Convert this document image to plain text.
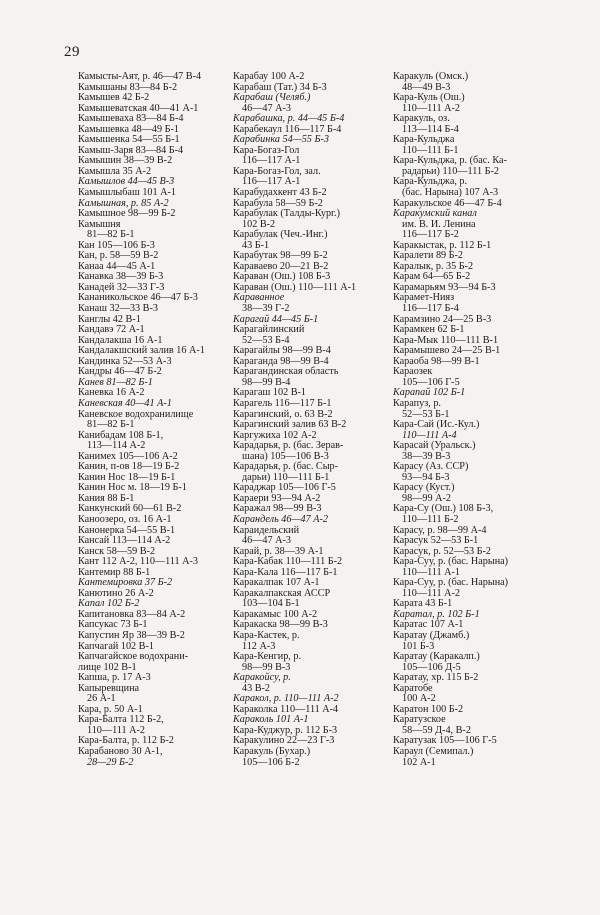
29
Камысты-Аят, р. 46—47 В-4
Камышаны 83—84 Б-2
Камышев 42 Б-2
Камышеватская 40—41 А-1
Камышеваха 83—84 Б-4
Камышевка 48—49 Б-1
Камышенка 54—55 Б-1
Камыш-Заря 83—84 Б-4
Камышин 38—39 В-2
Камышла 35 А-2
Камышлов 44—45 В-3
Камышлыбаш 101 А-1
Камышная, р. 85 А-2
Камышное 98—99 Б-2
Камышня
81—82 Б-1
Кан 105—106 Б-3
Кан, р. 58—59 В-2
Канаа 44—45 А-1
Канавка 38—39 Б-3
Канадей 32—33 Г-3
Кананикольское 46—47 Б-3
Канаш 32—33 В-3
Канглы 42 В-1
Кандавэ 72 А-1
Кандалакша 16 А-1
Кандалакшский залив 16 А-1
Кандинка 52—53 А-3
Кандры 46—47 Б-2
Канев 81—82 Б-1
Каневка 16 А-2
Каневская 40—41 А-1
Каневское водохранилище
81—82 Б-1
Канибадам 108 Б-1,
113—114 А-2
Канимех 105—106 А-2
Канин, п-ов 18—19 Б-2
Канин Нос 18—19 Б-1
Канин Нос м. 18—19 Б-1
Кания 88 Б-1
Канкунский 60—61 В-2
Каноозеро, оз. 16 А-1
Канонерка 54—55 В-1
Кансай 113—114 А-2
Канск 58—59 В-2
Кант 112 А-2, 110—111 А-3
Кантемир 88 Б-1
Кантемировка 37 Б-2
Канютино 26 А-2
Капал 102 Б-2
Капитановка 83—84 А-2
Капсукас 73 Б-1
Капустин Яр 38—39 В-2
Капчагай 102 В-1
Капчагайское водохрани-
лище 102 В-1
Капша, р. 17 А-3
Капыревщина
26 А-1
Кара, р. 50 А-1
Кара-Балта 112 Б-2,
110—111 А-2
Кара-Балта, р. 112 Б-2
Карабаново 30 А-1,
28—29 Б-2
Карабау 100 А-2
Карабаш (Тат.) 34 Б-3
Карабаш (Челяб.)
46—47 А-3
Карабашка, р. 44—45 Б-4
Карабекаул 116—117 Б-4
Карабинка 54—55 Б-3
Кара-Богаз-Гол
116—117 А-1
Кара-Богаз-Гол, зал.
116—117 А-1
Карабудахкент 43 Б-2
Карабула 58—59 Б-2
Карабулак (Талды-Кург.)
102 В-2
Карабулак (Чеч.-Инг.)
43 Б-1
Карабутак 98—99 Б-2
Караваево 20—21 В-2
Караван (Ош.) 108 Б-3
Караван (Ош.) 110—111 А-1
Караванное
38—39 Г-2
Карагай 44—45 Б-1
Карагайлинский
52—53 Б-4
Карагайлы 98—99 В-4
Караганда 98—99 В-4
Карагандинская область
98—99 В-4
Карагаш 102 В-1
Карагель 116—117 Б-1
Карагинский, о. 63 В-2
Карагинский залив 63 В-2
Каргужиха 102 А-2
Карадарья, р. (бас. Зерав-
шана) 105—106 В-3
Карадарья, р. (бас. Сыр-
дарьи) 110—111 Б-1
Караджар 105—106 Г-5
Караери 93—94 А-2
Каражал 98—99 В-3
Карандель 46—47 А-2
Караидельский
46—47 А-3
Карай, р. 38—39 А-1
Кара-Кабак 110—111 Б-2
Кара-Кала 116—117 Б-1
Каракалпак 107 А-1
Каракалпакская АССР
103—104 Б-1
Каракамыс 100 А-2
Каракаска 98—99 В-3
Кара-Кастек, р.
112 А-3
Кара-Кенгир, р.
98—99 В-3
Каракойсу, р.
43 В-2
Каракол, р. 110—111 А-2
Караколка 110—111 А-4
Караколь 101 А-1
Кара-Куджур, р. 112 Б-3
Каракулино 22—23 Г-3
Каракуль (Бухар.)
105—106 Б-2
Каракуль (Омск.)
48—49 В-3
Кара-Куль (Ош.)
110—111 А-2
Каракуль, оз.
113—114 Б-4
Кара-Кульджа
110—111 Б-1
Кара-Кульджа, р. (бас. Ка-
радарьи) 110—111 Б-2
Кара-Кульджа, р.
(бас. Нарына) 107 А-3
Каракульское 46—47 Б-4
Каракумский канал
им. В. И. Ленина
116—117 Б-2
Каракыстак, р. 112 Б-1
Каралети 89 Б-2
Каралык, р. 35 Б-2
Карам 64—65 Б-2
Карамарьям 93—94 Б-3
Карамет-Нияз
116—117 Б-4
Карамзино 24—25 В-3
Карамкен 62 Б-1
Кара-Мык 110—111 В-1
Карамышево 24—25 В-1
Карaоба 98—99 В-1
Караозек
105—106 Г-5
Карапай 102 Б-1
Карапуз, р.
52—53 Б-1
Кара-Сай (Ис.-Кул.)
110—111 А-4
Карасай (Уральск.)
38—39 В-3
Карасу (Аз. ССР)
93—94 Б-3
Карасу (Куст.)
98—99 А-2
Кара-Су (Ош.) 108 Б-3,
110—111 Б-2
Карасу, р. 98—99 А-4
Карасук 52—53 Б-1
Карасук, р. 52—53 Б-2
Кара-Суу, р. (бас. Нарына)
110—111 А-1
Кара-Суу, р. (бас. Нарына)
110—111 А-2
Карата 43 Б-1
Каратал, р. 102 Б-1
Каратас 107 А-1
Каратау (Джамб.)
101 Б-3
Каратау (Каракалп.)
105—106 Д-5
Каратау, хр. 115 Б-2
Каратобе
100 А-2
Каратон 100 Б-2
Каратузское
58—59 Д-4, В-2
Каратузак 105—106 Г-5
Караул (Семипал.)
102 А-1
